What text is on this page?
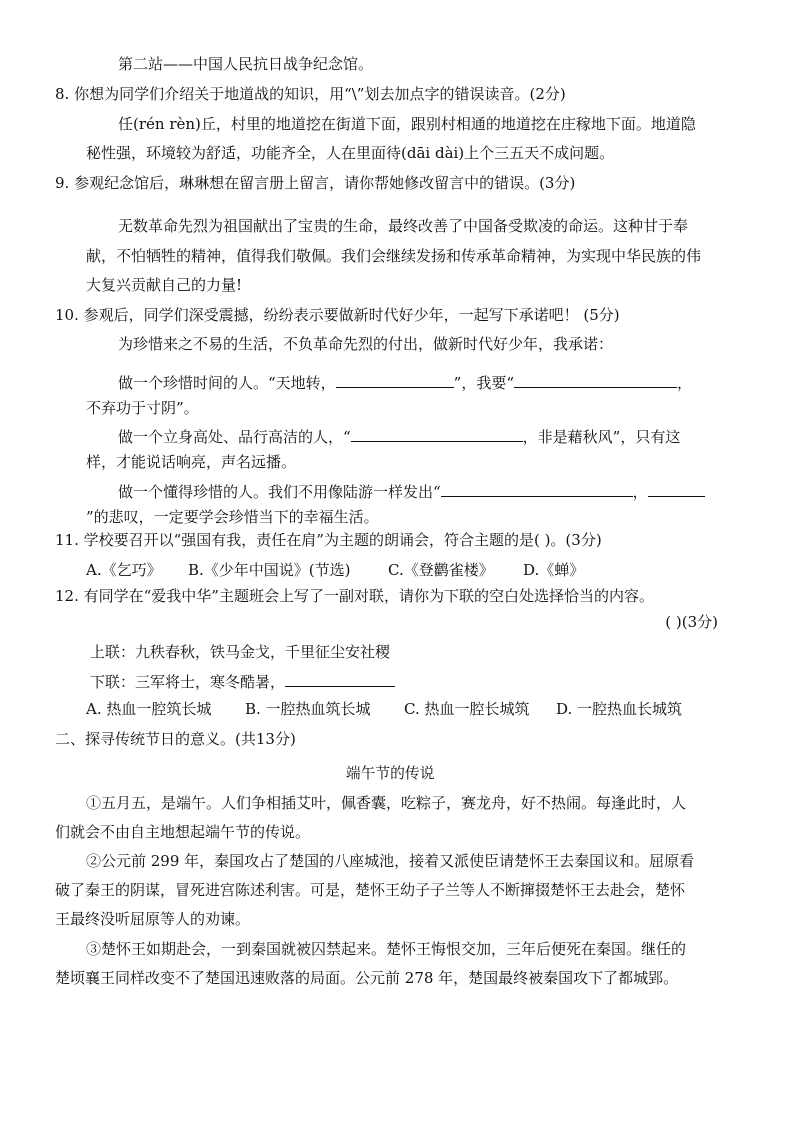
第二站——中国人民抗日战争纪念馆。
8. 你想为同学们介绍关于地道战的知识，用“\”划去加点字的错误读音。(2分)
任(rén rèn)丘，村里的地道挖在街道下面，跟别村相通的地道挖在庄稼地下面。地道隐
秘性强，环境较为舒适，功能齐全，人在里面待(dāi dài)上个三五天不成问题。
9. 参观纪念馆后，琳琳想在留言册上留言，请你帮她修改留言中的错误。(3分)
无数革命先烈为祖国献出了宝贵的生命，最终改善了中国备受欺凌的命运。这种甘于奉
献，不怕牺牲的精神，值得我们敬佩。我们会继续发扬和传承革命精神，为实现中华民族的伟
大复兴贡献自己的力量!
10. 参观后，同学们深受震撼，纷纷表示要做新时代好少年，一起写下承诺吧！ (5分)
为珍惜来之不易的生活，不负革命先烈的付出，做新时代好少年，我承诺：
做一个珍惜时间的人。“天地转，	”，我要“	，
不弃功于寸阴”。
做一个立身高处、品行高洁的人，“	，非是藉秋风”，只有这
样，才能说话响亮，声名远播。
做一个懂得珍惜的人。我们不用像陆游一样发出“	，
”的悲叹，一定要学会珍惜当下的幸福生活。
11. 学校要召开以“强国有我，责任在肩”为主题的朗诵会，符合主题的是( )。(3分)
A.《乞巧》 B.《少年中国说》(节选)	C.《登鹳雀楼》 D.《蝉》
12. 有同学在“爱我中华”主题班会上写了一副对联，请你为下联的空白处选择恰当的内容。
( )(3分)
上联：九秩春秋，铁马金戈，千里征尘安社稷
下联：三军将士，寒冬酷暑，
A. 热血一腔筑长城 B. 一腔热血筑长城 C. 热血一腔长城筑 D. 一腔热血长城筑
二、探寻传统节日的意义。(共13分)
端午节的传说
①五月五，是端午。人们争相插艾叶，佩香囊，吃粽子，赛龙舟，好不热闹。每逢此时，人
们就会不由自主地想起端午节的传说。
②公元前 299 年，秦国攻占了楚国的八座城池，接着又派使臣请楚怀王去秦国议和。屈原看
破了秦王的阴谋，冒死进宫陈述利害。可是，楚怀王幼子子兰等人不断撺掇楚怀王去赴会，楚怀
王最终没听屈原等人的劝谏。
③楚怀王如期赴会，一到秦国就被囚禁起来。楚怀王悔恨交加，三年后便死在秦国。继任的
楚顷襄王同样改变不了楚国迅速败落的局面。公元前 278 年，楚国最终被秦国攻下了都城郢。
